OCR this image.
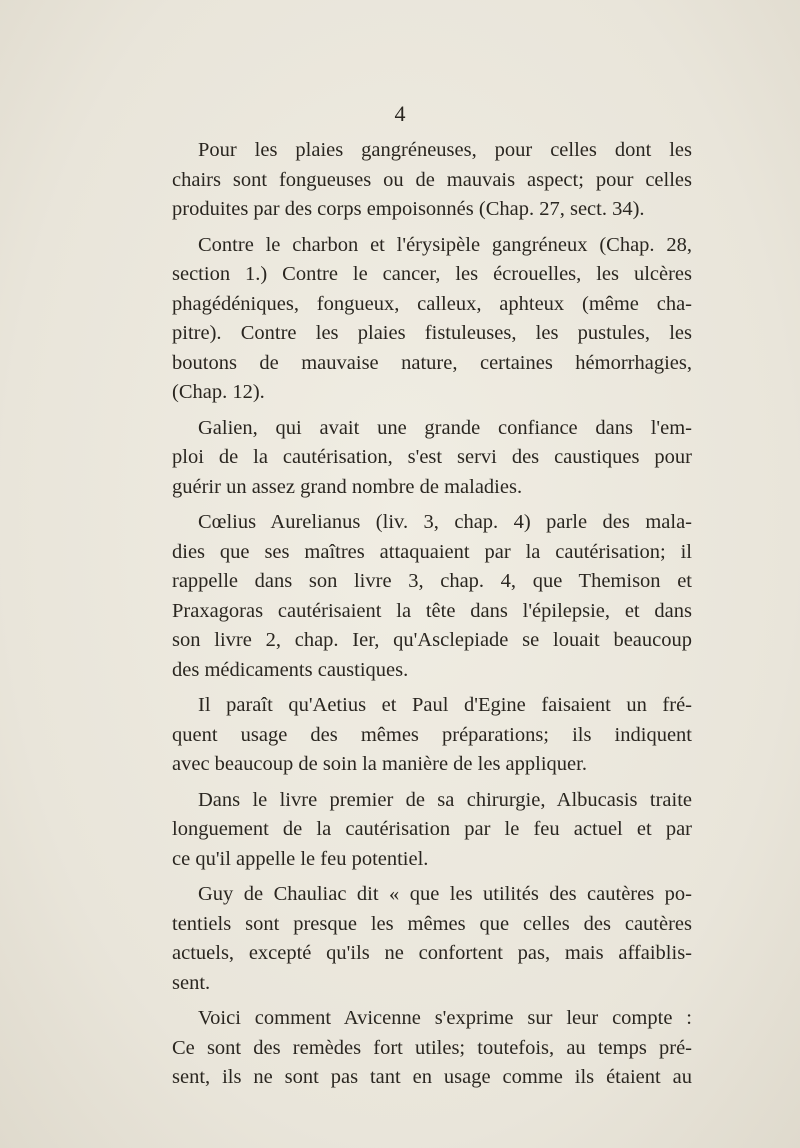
4
Pour les plaies gangréneuses, pour celles dont les
chairs sont fongueuses ou de mauvais aspect; pour celles
produites par des corps empoisonnés (Chap. 27, sect. 34).
Contre le charbon et l'érysipèle gangréneux (Chap. 28,
section 1.) Contre le cancer, les écrouelles, les ulcères
phagédéniques, fongueux, calleux, aphteux (même cha-
pitre). Contre les plaies fistuleuses, les pustules, les
boutons de mauvaise nature, certaines hémorrhagies,
(Chap. 12).
Galien, qui avait une grande confiance dans l'em-
ploi de la cautérisation, s'est servi des caustiques pour
guérir un assez grand nombre de maladies.
Cœlius Aurelianus (liv. 3, chap. 4) parle des mala-
dies que ses maîtres attaquaient par la cautérisation; il
rappelle dans son livre 3, chap. 4, que Themison et
Praxagoras cautérisaient la tête dans l'épilepsie, et dans
son livre 2, chap. Ier, qu'Asclepiade se louait beaucoup
des médicaments caustiques.
Il paraît qu'Aetius et Paul d'Egine faisaient un fré-
quent usage des mêmes préparations; ils indiquent
avec beaucoup de soin la manière de les appliquer.
Dans le livre premier de sa chirurgie, Albucasis traite
longuement de la cautérisation par le feu actuel et par
ce qu'il appelle le feu potentiel.
Guy de Chauliac dit « que les utilités des cautères po-
tentiels sont presque les mêmes que celles des cautères
actuels, excepté qu'ils ne confortent pas, mais affaiblis-
sent.
Voici comment Avicenne s'exprime sur leur compte :
Ce sont des remèdes fort utiles; toutefois, au temps pré-
sent, ils ne sont pas tant en usage comme ils étaient au
